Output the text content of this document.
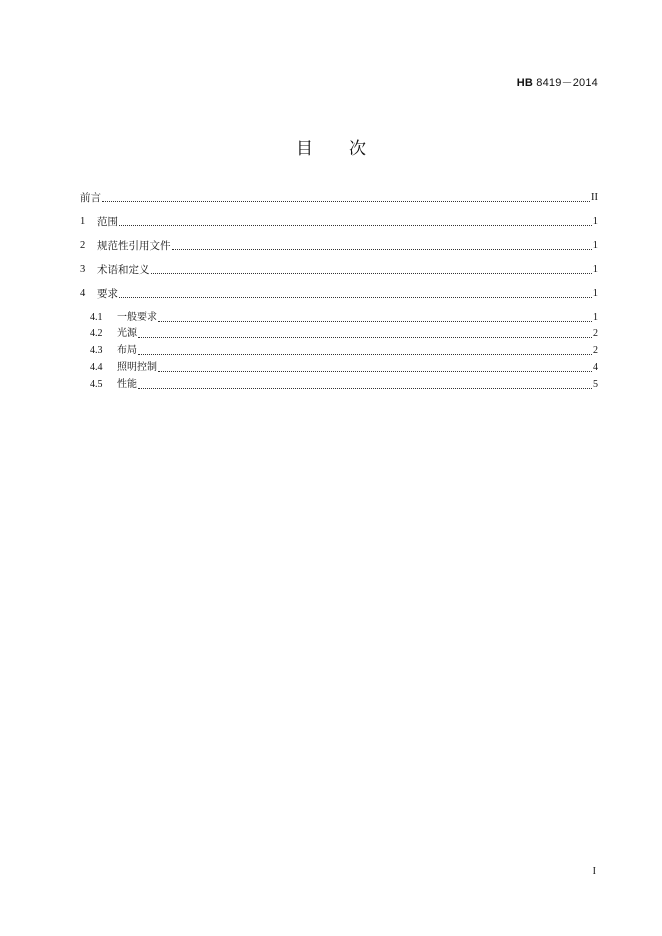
HB 8419－2014
目 次
前言	II
1	范围	1
2	规范性引用文件	1
3	术语和定义	1
4	要求	1
4.1	一般要求	1
4.2	光源	2
4.3	布局	2
4.4	照明控制	4
4.5	性能	5
I
